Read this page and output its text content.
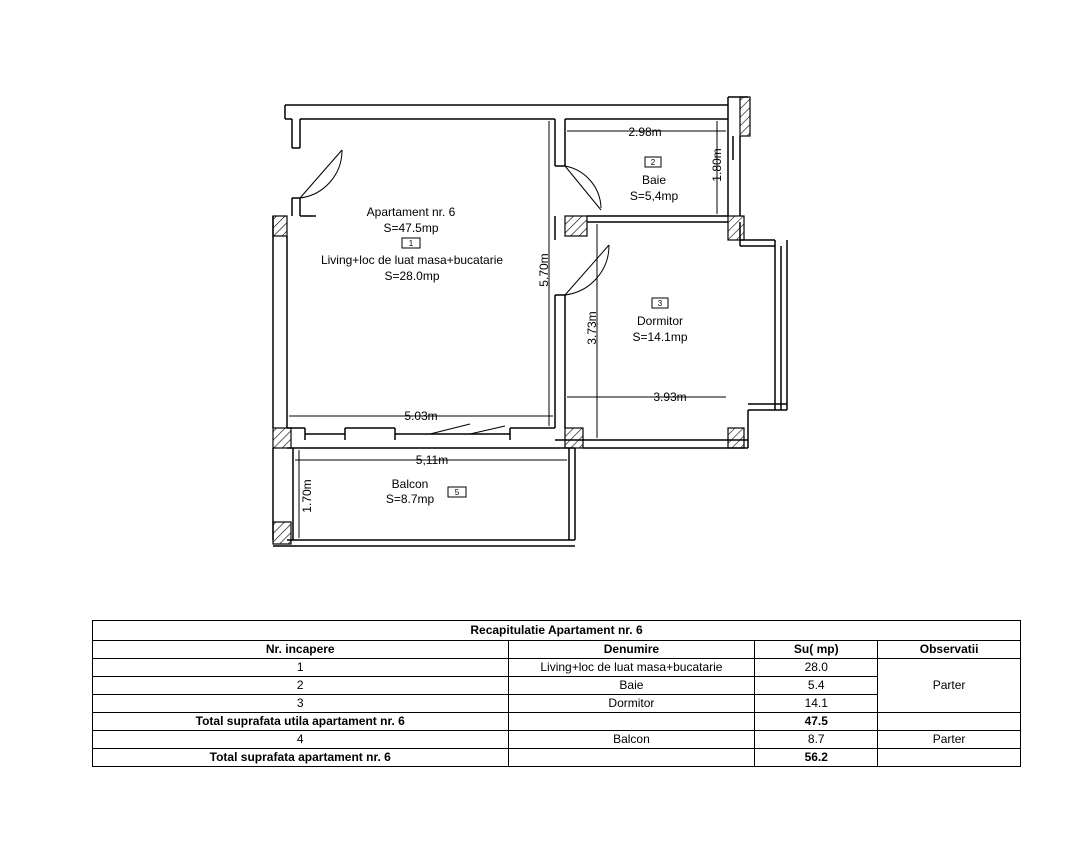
2.98m
1.80m
5.70m
3.73m
3.93m
5.03m
5,11m
1.70m
Apartament nr. 6
S=47.5mp
1
Living+loc de luat masa+bucatarie
S=28.0mp
2
Baie
S=5,4mp
3
Dormitor
S=14.1mp
Balcon
S=8.7mp	5
Recapitulatie Apartament nr. 6			
Nr. incapere	Denumire	Su( mp)	Observatii
1	Living+loc de luat masa+bucatarie	28.0	Parter
2	Baie	5.4	
3	Dormitor	14.1	
Total suprafata utila apartament nr. 6		47.5	
4	Balcon	8.7	Parter
Total suprafata apartament nr. 6		56.2	
